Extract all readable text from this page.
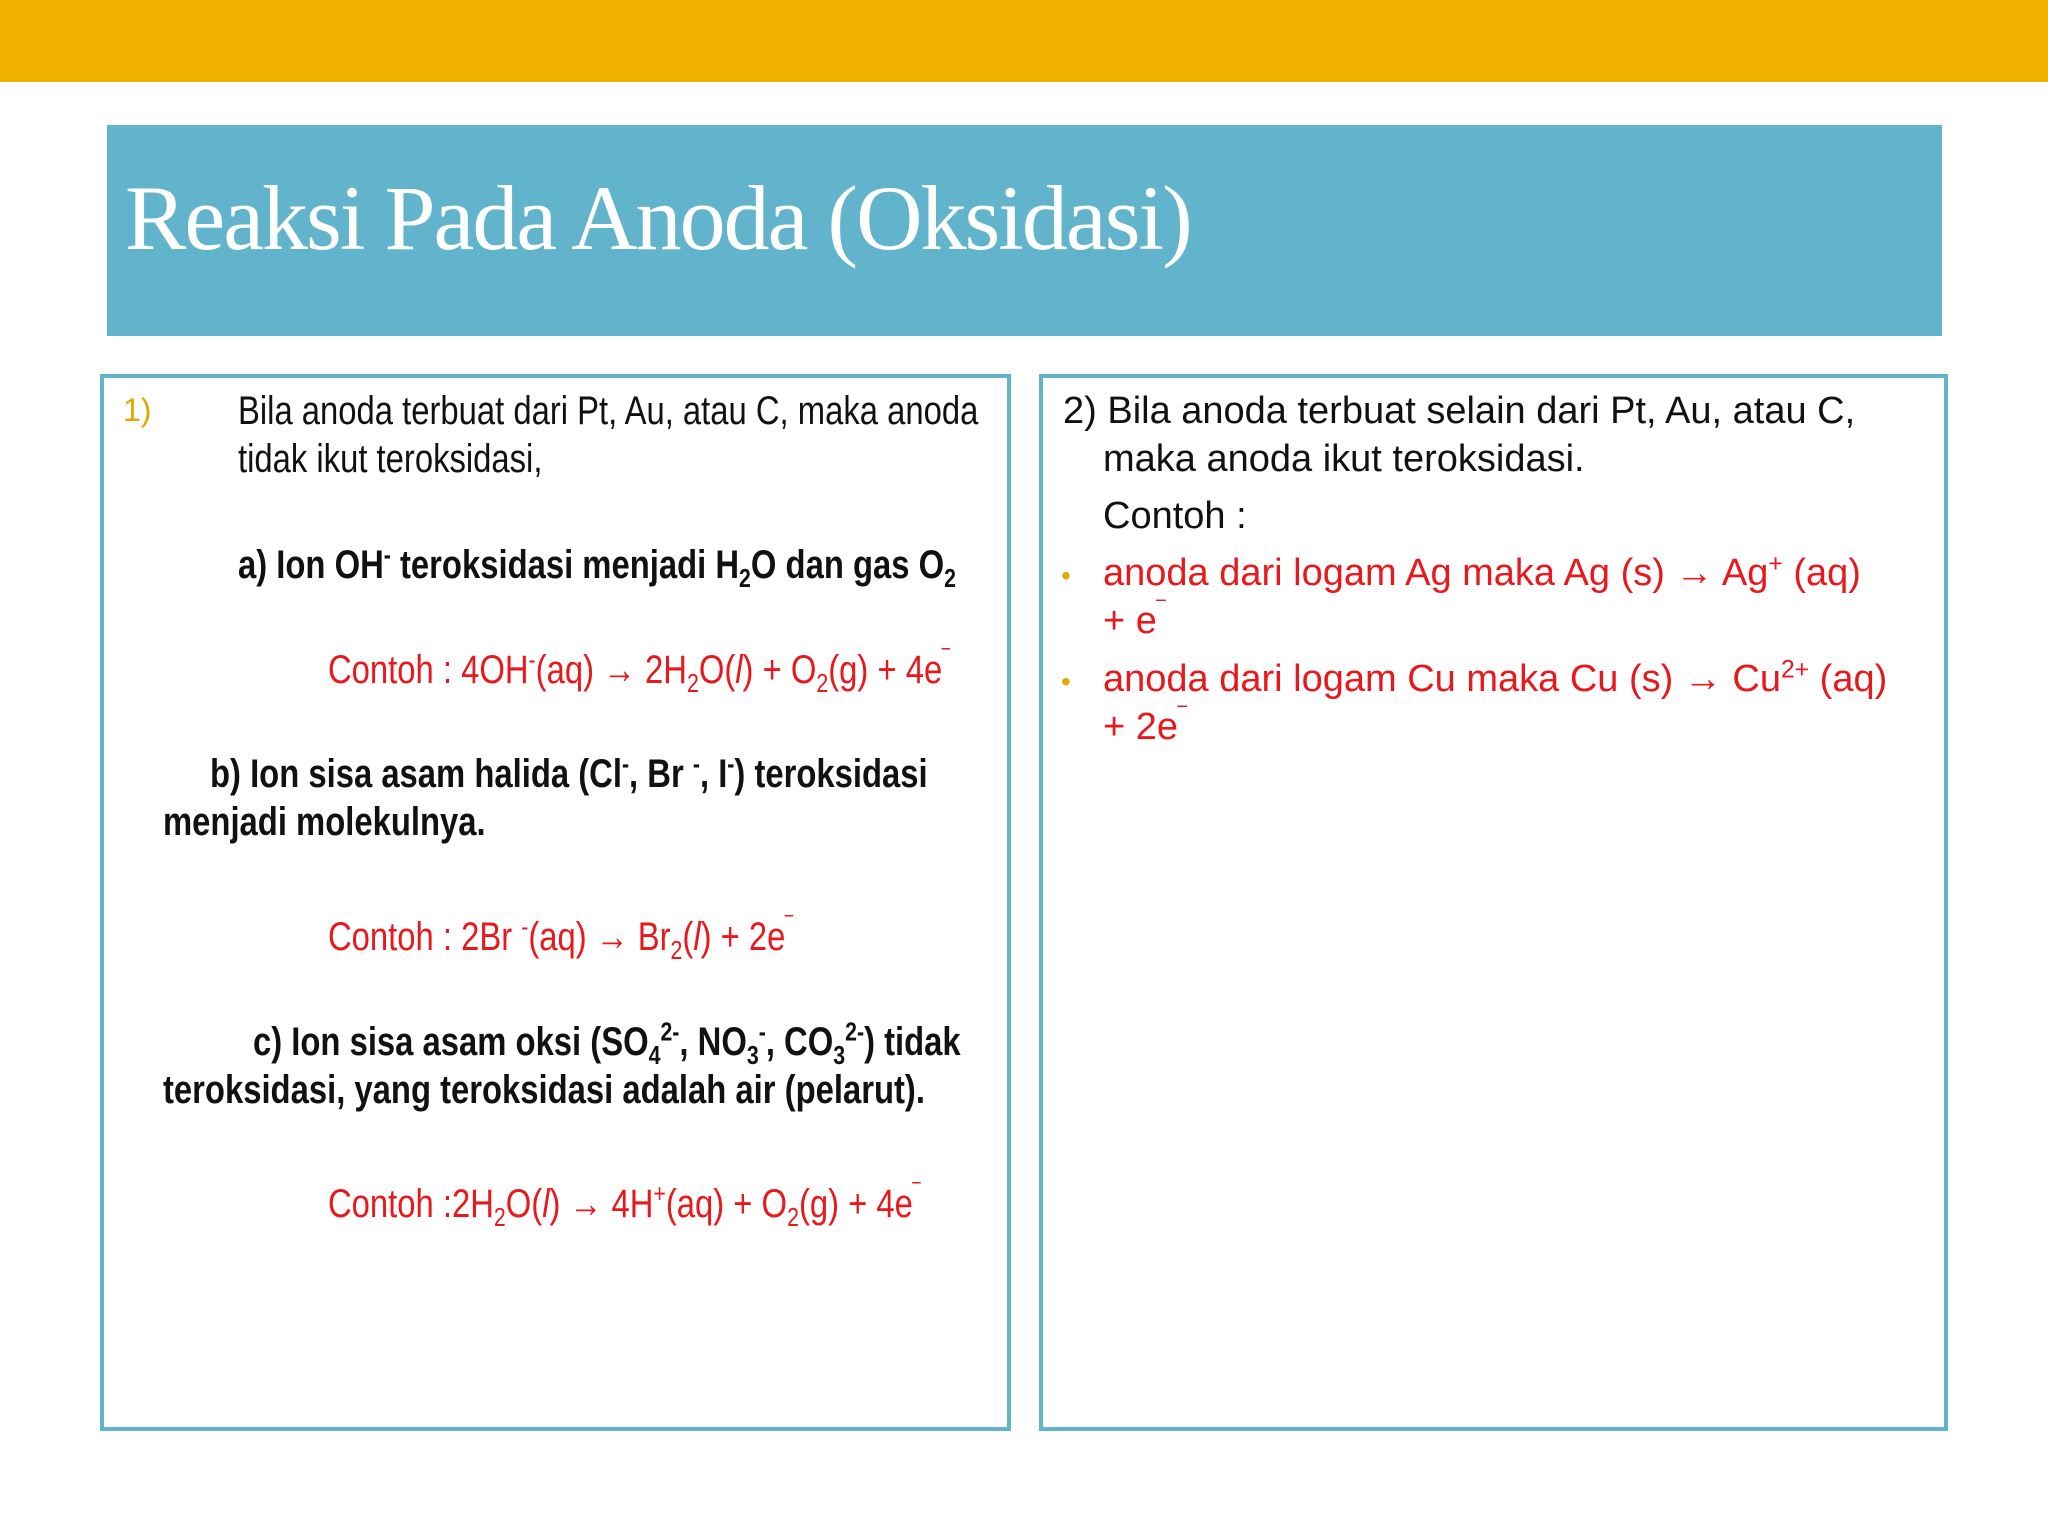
Reaksi Pada Anoda (Oksidasi)
1) Bila anoda terbuat dari Pt, Au, atau C, maka anoda
tidak ikut teroksidasi,
a) Ion OH- teroksidasi menjadi $H_2O$ dan gas $O_2$
Contoh : $4OH^-(aq) \to 2H_2O(l) + O_2(g) + 4e^‾$
b) Ion sisa asam halida (Cl-, Br -, I-) teroksidasi
menjadi molekulnya.
Contoh : 2Br $^-(aq) \to Br_2(l) + 2e^‾$
c) Ion sisa asam oksi ($SO_4^{2-}$, $NO_3^-$, $CO_3^{2-}$) tidak
teroksidasi, yang teroksidasi adalah air (pelarut).
Contoh $:2H_2O(l) \to 4H^+(aq) + O_2(g) + 4e^‾$
2) Bila anoda terbuat selain dari Pt, Au, atau C,
maka anoda ikut teroksidasi.
Contoh :
• anoda dari logam Ag maka Ag (s) → Ag+ (aq)
+ e‾
• anoda dari logam Cu maka Cu $(s) \to Cu^{2+}$ (aq)
+ 2e‾
